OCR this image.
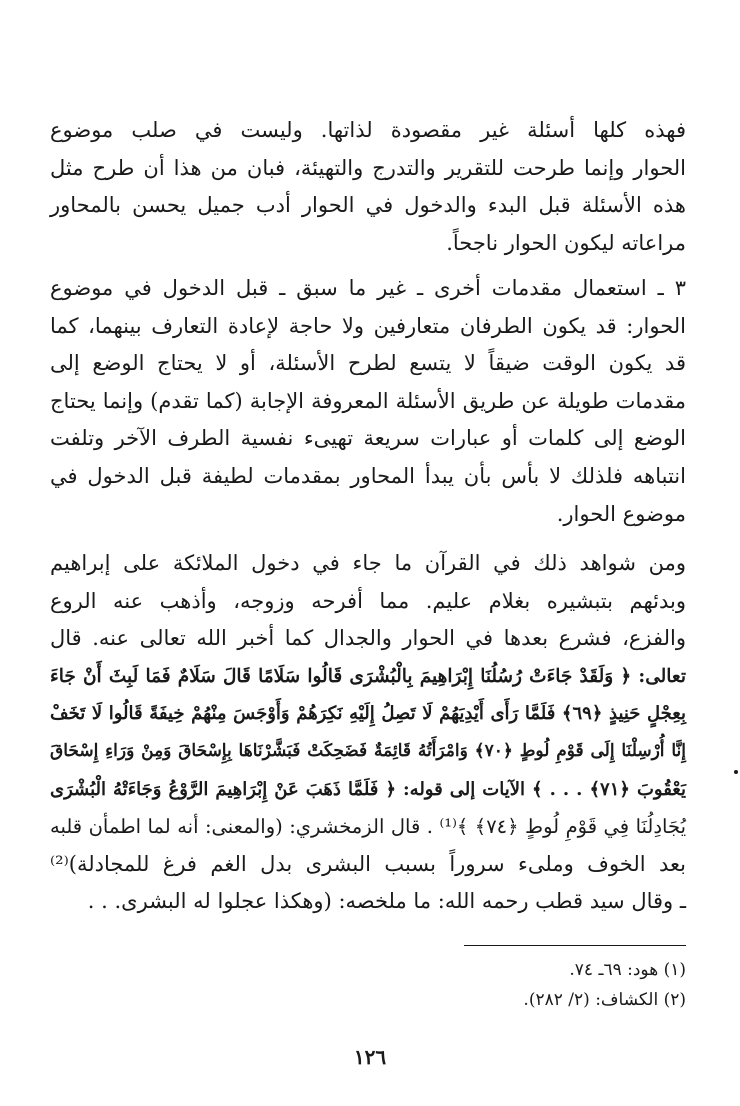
فهذه كلها أسئلة غير مقصودة لذاتها. وليست في صلب موضوع
الحوار وإنما طرحت للتقرير والتدرج والتهيئة، فبان من هذا أن طرح مثل
هذه الأسئلة قبل البدء والدخول في الحوار أدب جميل يحسن بالمحاور
مراعاته ليكون الحوار ناجحاً.
٣ ـ استعمال مقدمات أخرى ـ غير ما سبق ـ قبل الدخول في موضوع
الحوار: قد يكون الطرفان متعارفين ولا حاجة لإعادة التعارف بينهما، كما
قد يكون الوقت ضيقاً لا يتسع لطرح الأسئلة، أو لا يحتاج الوضع إلى
مقدمات طويلة عن طريق الأسئلة المعروفة الإجابة (كما تقدم) وإنما يحتاج
الوضع إلى كلمات أو عبارات سريعة تهيىء نفسية الطرف الآخر وتلفت
انتباهه فلذلك لا بأس بأن يبدأ المحاور بمقدمات لطيفة قبل الدخول في
موضوع الحوار.
ومن شواهد ذلك في القرآن ما جاء في دخول الملائكة على إبراهيم
وبدئهم بتبشيره بغلام عليم. مما أفرحه وزوجه، وأذهب عنه الروع
والفزع، فشرع بعدها في الحوار والجدال كما أخبر الله تعالى عنه. قال
تعالى: ﴿ وَلَقَدْ جَاءَتْ رُسُلُنَا إِبْرَاهِيمَ بِالْبُشْرَى قَالُوا سَلَامًا قَالَ سَلَامٌ فَمَا لَبِثَ أَنْ جَاءَ
بِعِجْلٍ حَنِيذٍ ﴿٦٩﴾ فَلَمَّا رَأَى أَيْدِيَهُمْ لَا تَصِلُ إِلَيْهِ نَكِرَهُمْ وَأَوْجَسَ مِنْهُمْ خِيفَةً قَالُوا لَا تَخَفْ
إِنَّا أُرْسِلْنَا إِلَى قَوْمِ لُوطٍ ﴿٧٠﴾ وَامْرَأَتُهُ قَائِمَةٌ فَضَحِكَتْ فَبَشَّرْنَاهَا بِإِسْحَاقَ وَمِنْ وَرَاءِ إِسْحَاقَ
يَعْقُوبَ ﴿٧١﴾ . . . ﴾ الآيات إلى قوله: ﴿ فَلَمَّا ذَهَبَ عَنْ إِبْرَاهِيمَ الرَّوْعُ وَجَاءَتْهُ الْبُشْرَى
يُجَادِلُنَا فِي قَوْمِ لُوطٍ ﴿٧٤﴾ ﴾⁽¹⁾ . قال الزمخشري: (والمعنى: أنه لما اطمأن قلبه
بعد الخوف وملىء سروراً بسبب البشرى بدل الغم فرغ للمجادلة)⁽²⁾
ـ وقال سيد قطب رحمه الله: ما ملخصه: (وهكذا عجلوا له البشرى. . .
(١) هود: ٦٩ـ ٧٤.
(٢) الكشاف: (٢/ ٢٨٢).
١٢٦
